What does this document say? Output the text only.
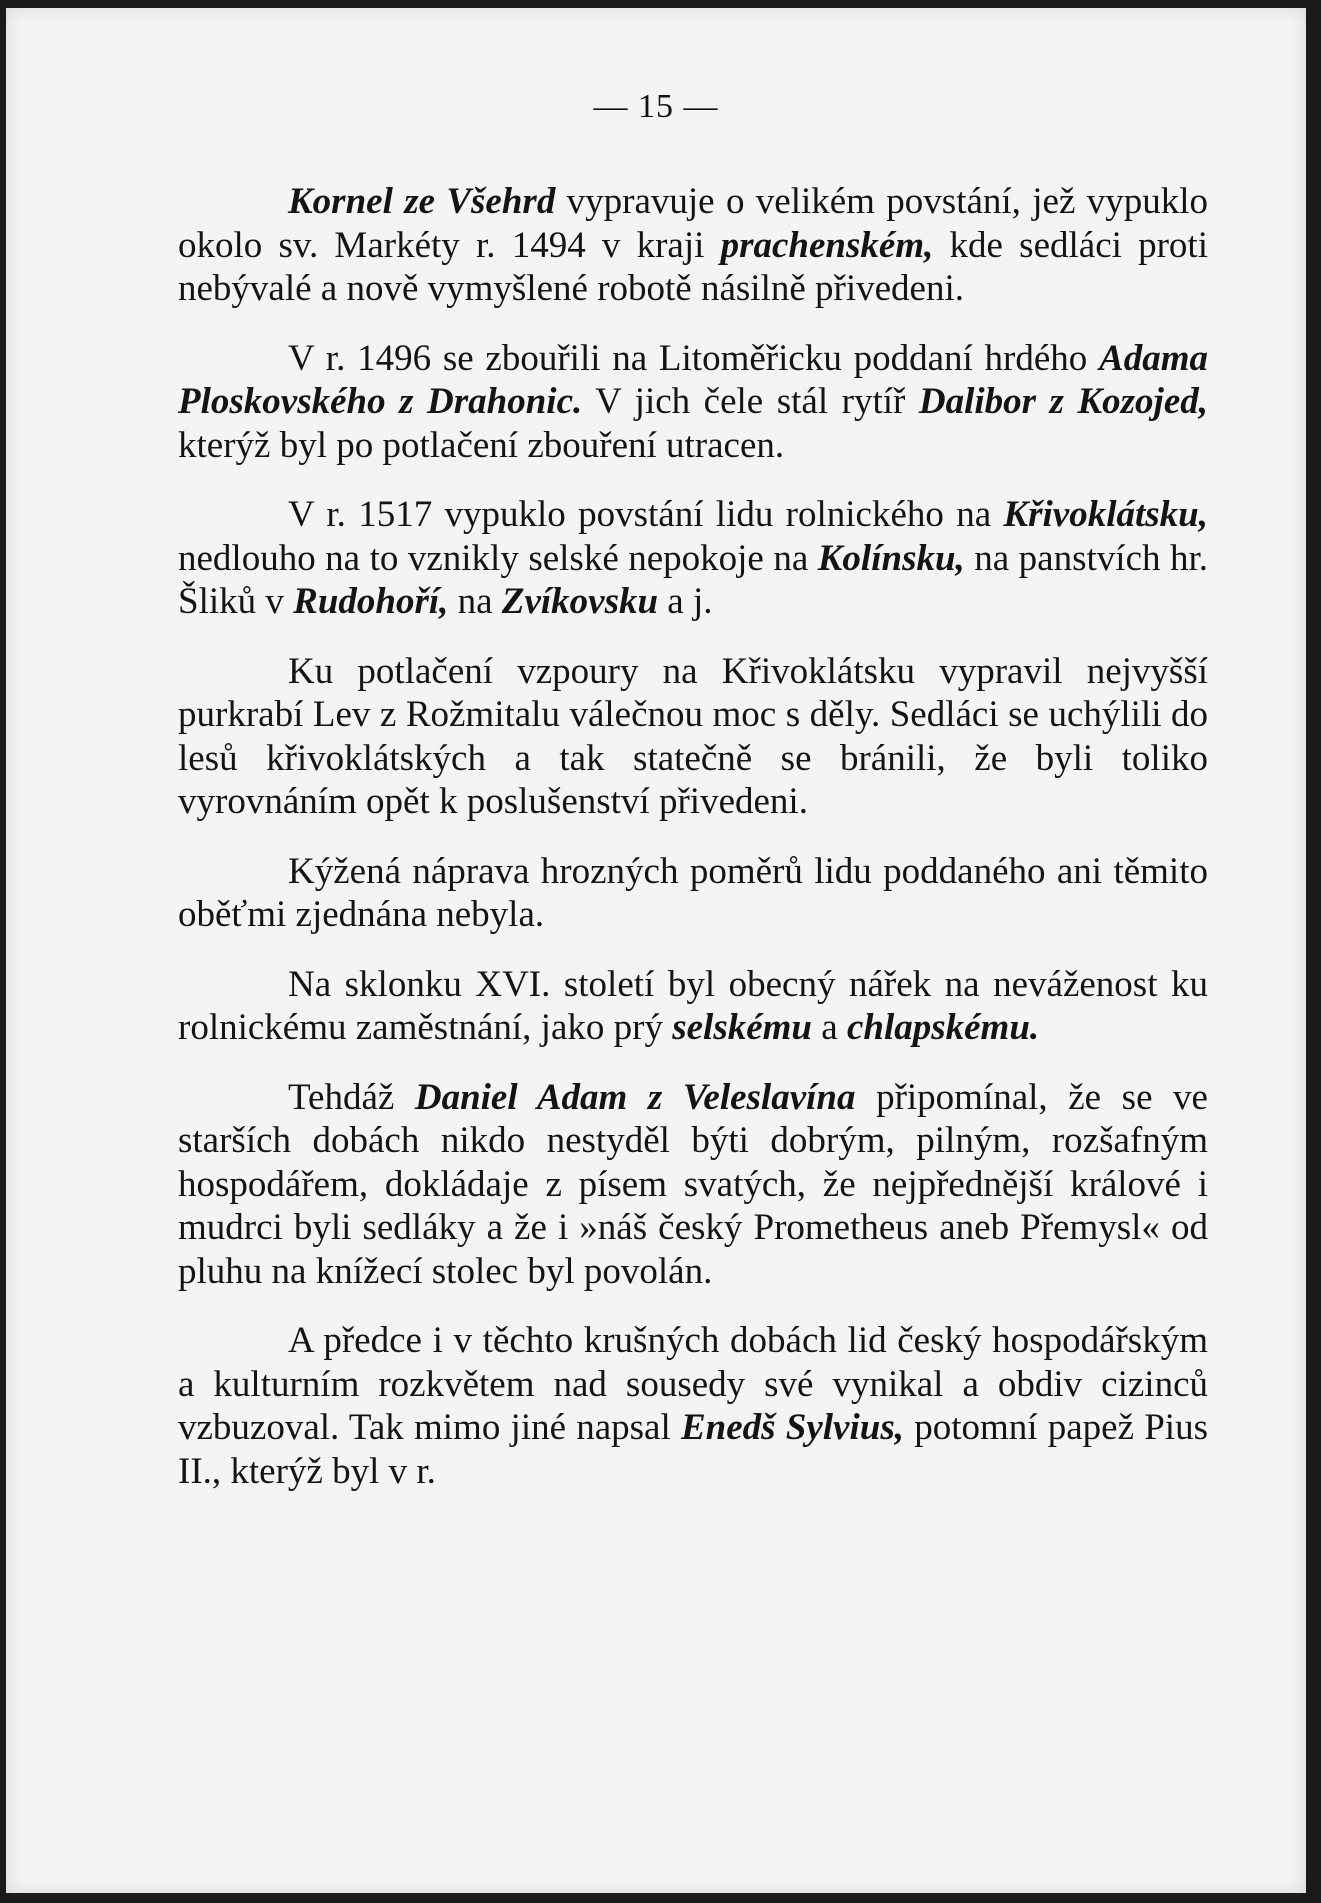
— 15 —

Kornel ze Všehrd vypravuje o velikém povstání, jež vypuklo okolo sv. Markéty r. 1494 v kraji prachenském, kde sedláci proti nebývalé a nově vymyšlené robotě násilně přivedeni.

V r. 1496 se zbouřili na Litoměřicku poddaní hrdého Adama Ploskovského z Drahonic. V jich čele stál rytíř Dalibor z Kozojed, kterýž byl po potlačení zbouření utracen.

V r. 1517 vypuklo povstání lidu rolnického na Křivoklátsku, nedlouho na to vznikly selské nepokoje na Kolínsku, na panstvích hr. Šliků v Rudohoří, na Zvíkovsku a j.

Ku potlačení vzpoury na Křivoklátsku vypravil nejvyšší purkrabí Lev z Rožmitalu válečnou moc s děly. Sedláci se uchýlili do lesů křivoklátských a tak statečně se bránili, že byli toliko vyrovnáním opět k poslušenství přivedeni.

Kýžená náprava hrozných poměrů lidu poddaného ani těmito oběťmi zjednána nebyla.

Na sklonku XVI. století byl obecný nářek na neváženost ku rolnickému zaměstnání, jako prý selskému a chlapskému.

Tehdáž Daniel Adam z Veleslavína připomínal, že se ve starších dobách nikdo nestyděl býti dobrým, pilným, rozšafným hospodářem, dokládaje z písem svatých, že nejpřednější králové i mudrci byli sedláky a že i »náš český Prometheus aneb Přemysl« od pluhu na knížecí stolec byl povolán.

A předce i v těchto krušných dobách lid český hospodářským a kulturním rozkvětem nad sousedy své vynikal a obdiv cizinců vzbuzoval. Tak mimo jiné napsal Enedš Sylvius, potomní papež Pius II., kterýž byl v r.
